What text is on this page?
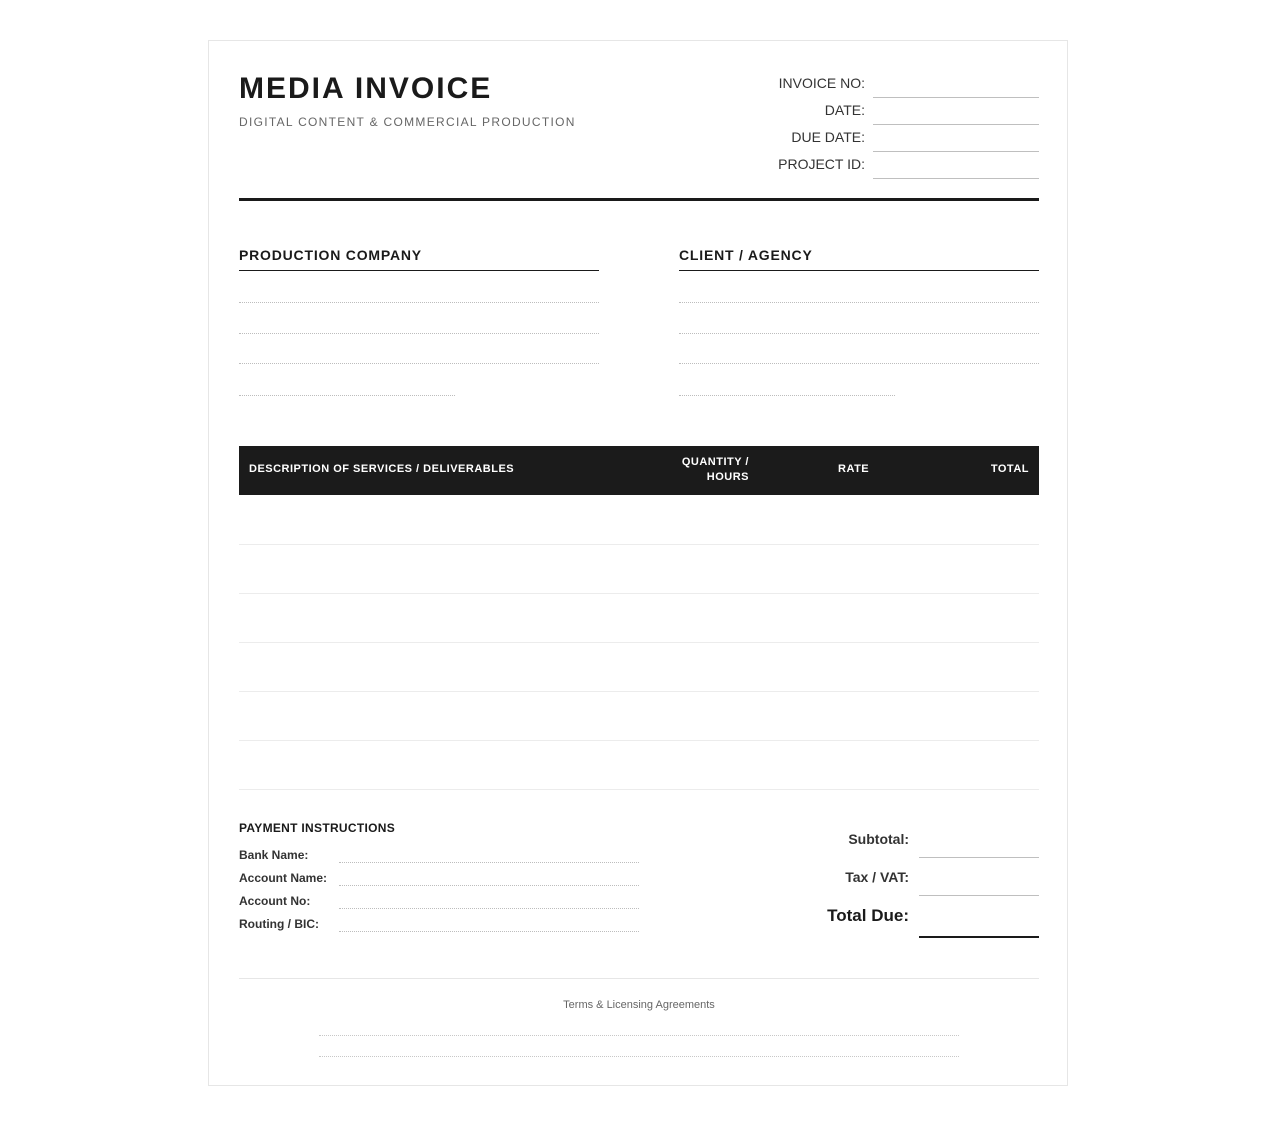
MEDIA INVOICE
DIGITAL CONTENT & COMMERCIAL PRODUCTION
INVOICE NO:
DATE:
DUE DATE:
PROJECT ID:
PRODUCTION COMPANY	CLIENT / AGENCY
DESCRIPTION OF SERVICES / DELIVERABLES
QUANTITY /
HOURS
RATE	TOTAL
PAYMENT INSTRUCTIONS
Bank Name:
Account Name:
Account No:
Routing / BIC:
Subtotal:
Tax / VAT:
Total Due:
Terms & Licensing Agreements
